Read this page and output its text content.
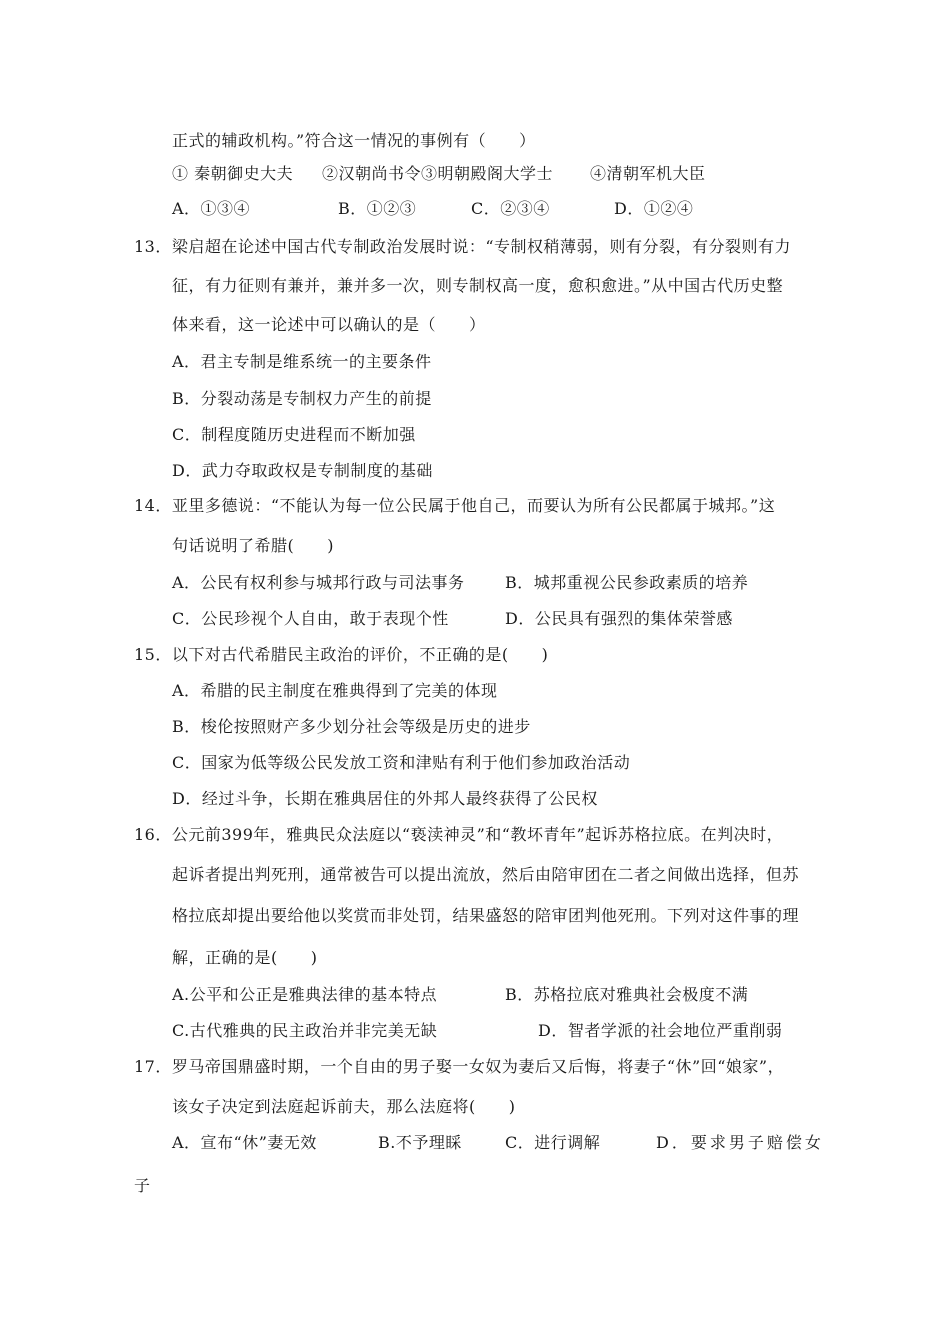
正式的辅政机构。”符合这一情况的事例有（　　）
① 秦朝御史大夫 ②汉朝尚书令③明朝殿阁大学士 ④清朝军机大臣
A．①③④	B．①②③	C．②③④	D．①②④
13．梁启超在论述中国古代专制政治发展时说：“专制权稍薄弱，则有分裂，有分裂则有力
征，有力征则有兼并，兼并多一次，则专制权高一度，愈积愈进。”从中国古代历史整
体来看，这一论述中可以确认的是（　　）
A．君主专制是维系统一的主要条件
B．分裂动荡是专制权力产生的前提
C．制程度随历史进程而不断加强
D．武力夺取政权是专制制度的基础
14．亚里多德说：“不能认为每一位公民属于他自己，而要认为所有公民都属于城邦。”这
句话说明了希腊(　　)
A．公民有权利参与城邦行政与司法事务	B．城邦重视公民参政素质的培养
C．公民珍视个人自由，敢于表现个性	D．公民具有强烈的集体荣誉感
15．以下对古代希腊民主政治的评价，不正确的是(　　)
A．希腊的民主制度在雅典得到了完美的体现
B．梭伦按照财产多少划分社会等级是历史的进步
C．国家为低等级公民发放工资和津贴有利于他们参加政治活动
D．经过斗争，长期在雅典居住的外邦人最终获得了公民权
16．公元前399年，雅典民众法庭以“亵渎神灵”和“教坏青年”起诉苏格拉底。在判决时，
起诉者提出判死刑，通常被告可以提出流放，然后由陪审团在二者之间做出选择，但苏
格拉底却提出要给他以奖赏而非处罚，结果盛怒的陪审团判他死刑。下列对这件事的理
解，正确的是(　　)
A.公平和公正是雅典法律的基本特点	B．苏格拉底对雅典社会极度不满
C.古代雅典的民主政治并非完美无缺	D．智者学派的社会地位严重削弱
17．罗马帝国鼎盛时期，一个自由的男子娶一女奴为妻后又后悔，将妻子“休”回“娘家”，
该女子决定到法庭起诉前夫，那么法庭将(　　)
A．宣布“休”妻无效	B.不予理睬	C．进行调解	D．要求男子赔偿女
子
